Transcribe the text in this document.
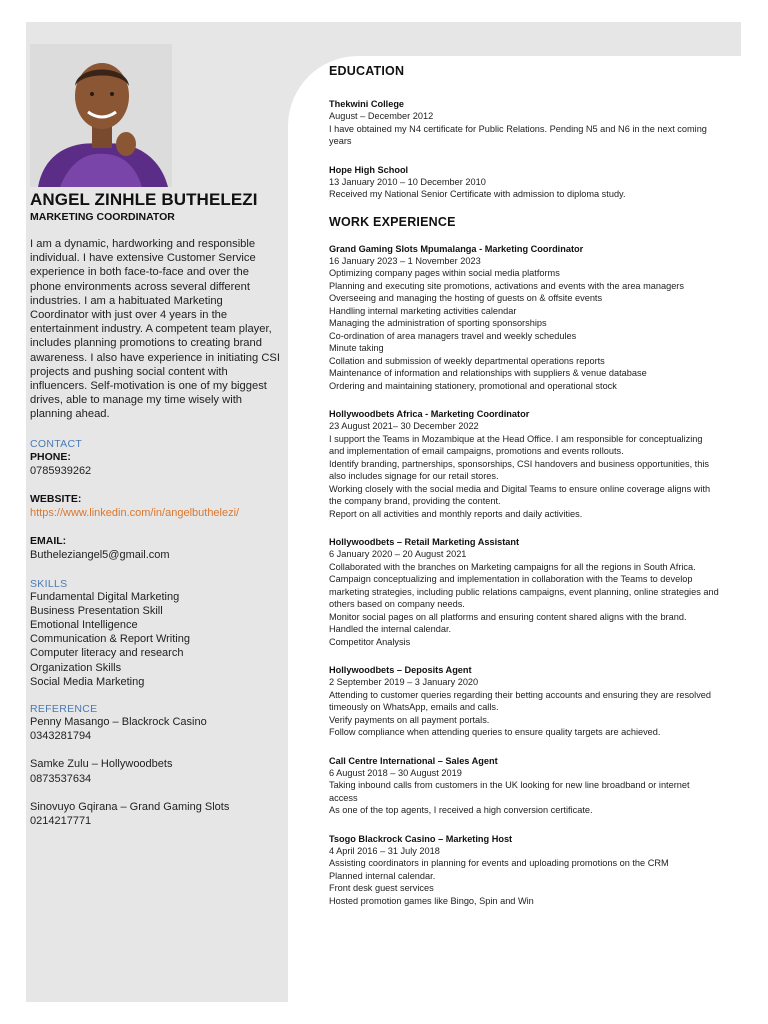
ANGEL ZINHLE BUTHELEZI
MARKETING COORDINATOR
I am a dynamic, hardworking and responsible individual. I have extensive Customer Service experience in both face-to-face and over the phone environments across several different industries. I am a habituated Marketing Coordinator with just over 4 years in the entertainment industry. A competent team player, includes planning promotions to creating brand awareness. I also have experience in initiating CSI projects and pushing social content with influencers. Self-motivation is one of my biggest drives, able to manage my time wisely with planning ahead.
CONTACT
PHONE:
0785939262
WEBSITE:
https://www.linkedin.com/in/angelbuthelezi/
EMAIL:
Butheleziangel5@gmail.com
SKILLS
Fundamental Digital Marketing
Business Presentation Skill
Emotional Intelligence
Communication & Report Writing
Computer literacy and research
Organization Skills
Social Media Marketing
REFERENCE
Penny Masango – Blackrock Casino
0343281794
Samke Zulu – Hollywoodbets
0873537634
Sinovuyo Gqirana – Grand Gaming Slots
0214217771
EDUCATION
Thekwini College
August – December 2012
I have obtained my N4 certificate for Public Relations. Pending N5 and N6 in the next coming years
Hope High School
13 January 2010 – 10 December 2010
Received my National Senior Certificate with admission to diploma study.
WORK EXPERIENCE
Grand Gaming Slots Mpumalanga - Marketing Coordinator
16 January 2023 – 1 November 2023
Optimizing company pages within social media platforms
Planning and executing site promotions, activations and events with the area managers
Overseeing and managing the hosting of guests on & offsite events
Handling internal marketing activities calendar
Managing the administration of sporting sponsorships
Co-ordination of area managers travel and weekly schedules
Minute taking
Collation and submission of weekly departmental operations reports
Maintenance of information and relationships with suppliers & venue database
Ordering and maintaining stationery, promotional and operational stock
Hollywoodbets Africa - Marketing Coordinator
23 August 2021– 30 December 2022
I support the Teams in Mozambique at the Head Office. I am responsible for conceptualizing and implementation of email campaigns, promotions and events rollouts.
Identify branding, partnerships, sponsorships, CSI handovers and business opportunities, this also includes signage for our retail stores.
Working closely with the social media and Digital Teams to ensure online coverage aligns with the company brand, providing the content.
Report on all activities and monthly reports and daily activities.
Hollywoodbets – Retail Marketing Assistant
6 January 2020 – 20 August 2021
Collaborated with the branches on Marketing campaigns for all the regions in South Africa. Campaign conceptualizing and implementation in collaboration with the Teams to develop marketing strategies, including public relations campaigns, event planning, online strategies and others based on company needs.
Monitor social pages on all platforms and ensuring content shared aligns with the brand.
Handled the internal calendar.
Competitor Analysis
Hollywoodbets – Deposits Agent
2 September 2019 – 3 January 2020
Attending to customer queries regarding their betting accounts and ensuring they are resolved timeously on WhatsApp, emails and calls.
Verify payments on all payment portals.
Follow compliance when attending queries to ensure quality targets are achieved.
Call Centre International – Sales Agent
6 August 2018 – 30 August 2019
Taking inbound calls from customers in the UK looking for new line broadband or internet access
As one of the top agents, I received a high conversion certificate.
Tsogo Blackrock Casino – Marketing Host
4 April 2016 – 31 July 2018
Assisting coordinators in planning for events and uploading promotions on the CRM
Planned internal calendar.
Front desk guest services
Hosted promotion games like Bingo, Spin and Win
